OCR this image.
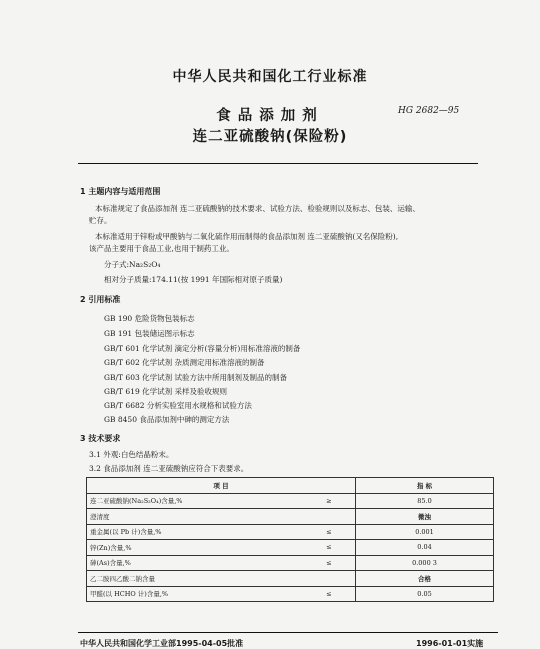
中华人民共和国化工行业标准
食品添加剂
连二亚硫酸钠(保险粉)
HG 2682—95
1 主题内容与适用范围
本标准规定了食品添加剂 连二亚硫酸钠的技术要求、试验方法、检验规则以及标志、包装、运输、
贮存。
本标准适用于锌粉或甲酸钠与二氧化硫作用而制得的食品添加剂 连二亚硫酸钠(又名保险粉),
该产品主要用于食品工业,也用于制药工业。
分子式:Na₂S₂O₄
相对分子质量:174.11(按 1991 年国际相对原子质量)
2 引用标准
GB 190 危险货物包装标志
GB 191 包装储运图示标志
GB/T 601 化学试剂 滴定分析(容量分析)用标准溶液的制备
GB/T 602 化学试剂 杂质测定用标准溶液的制备
GB/T 603 化学试剂 试验方法中所用制剂及制品的制备
GB/T 619 化学试剂 采样及验收规则
GB/T 6682 分析实验室用水规格和试验方法
GB 8450 食品添加剂中砷的测定方法
3 技术要求
3.1 外观:白色结晶粉末。
3.2 食品添加剂 连二亚硫酸钠应符合下表要求。
项 目		指 标
连二亚硫酸钠(Na₂S₂O₄)含量,%	≥	85.0
澄清度		微浊
重金属(以 Pb 计)含量,%	≤	0.001
锌(Zn)含量,%	≤	0.04
砷(As)含量,%	≤	0.000 3
乙二胺四乙酸二钠含量		合格
甲醛(以 HCHO 计)含量,%	≤	0.05
中华人民共和国化学工业部1995-04-05批准	1996-01-01实施
